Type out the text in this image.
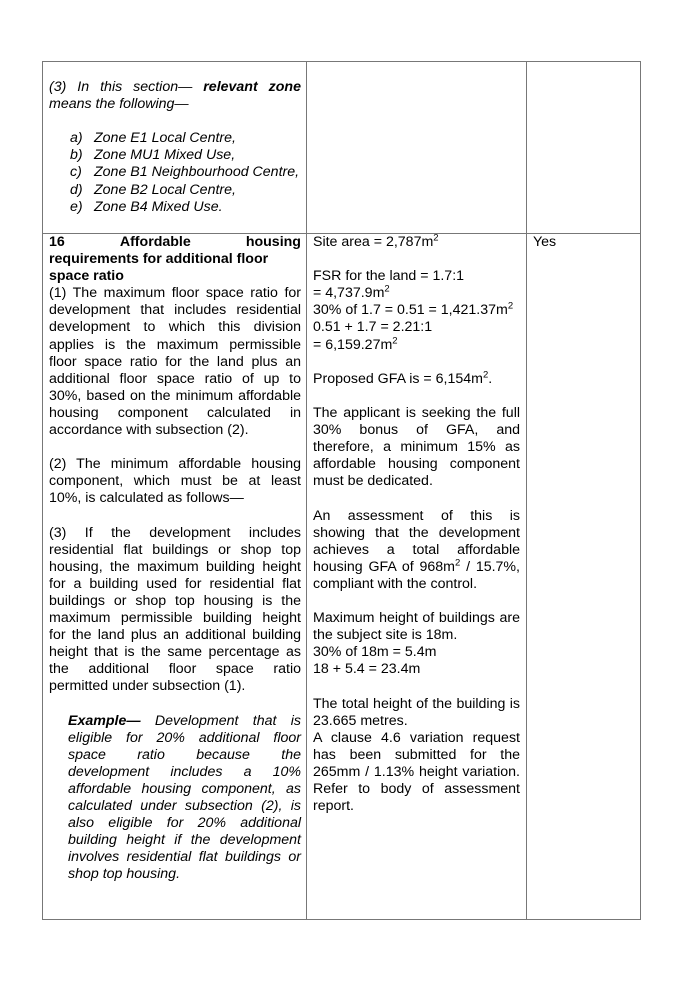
(3) In this section— relevant zone means the following—

a) Zone E1 Local Centre,
b) Zone MU1 Mixed Use,
c) Zone B1 Neighbourhood Centre,
d) Zone B2 Local Centre,
e) Zone B4 Mixed Use.
16	Affordable	housing
requirements for additional floor space ratio

(1) The maximum floor space ratio for development that includes residential development to which this division applies is the maximum permissible floor space ratio for the land plus an additional floor space ratio of up to 30%, based on the minimum affordable housing component calculated in accordance with subsection (2).

(2) The minimum affordable housing component, which must be at least 10%, is calculated as follows—

(3) If the development includes residential flat buildings or shop top housing, the maximum building height for a building used for residential flat buildings or shop top housing is the maximum permissible building height for the land plus an additional building height that is the same percentage as the additional floor space ratio permitted under subsection (1).

Example— Development that is eligible for 20% additional floor space ratio because the development includes a 10% affordable housing component, as calculated under subsection (2), is also eligible for 20% additional building height if the development involves residential flat buildings or shop top housing.

Site area = $2,787m^2$

FSR for the land = 1.7:1

= $4,737.9m^2$

30% of $1.7 = 0.51 = 1,421.37m^2$

0.51 + 1.7 = 2.21:1

= $6,159.27m^2$

Proposed GFA is = $6,154m^2$.

The applicant is seeking the full 30% bonus of GFA, and therefore, a minimum 15% as affordable housing component must be dedicated.

An assessment of this is showing that the development achieves a total affordable housing GFA of $968m^2 / 15.7\%$, compliant with the control.

Maximum height of buildings are the subject site is 18m.

30% of 18m = 5.4m

18 + 5.4 = 23.4m

The total height of the building is 23.665 metres.

A clause 4.6 variation request has been submitted for the 265mm / 1.13% height variation. Refer to body of assessment report.

Yes
